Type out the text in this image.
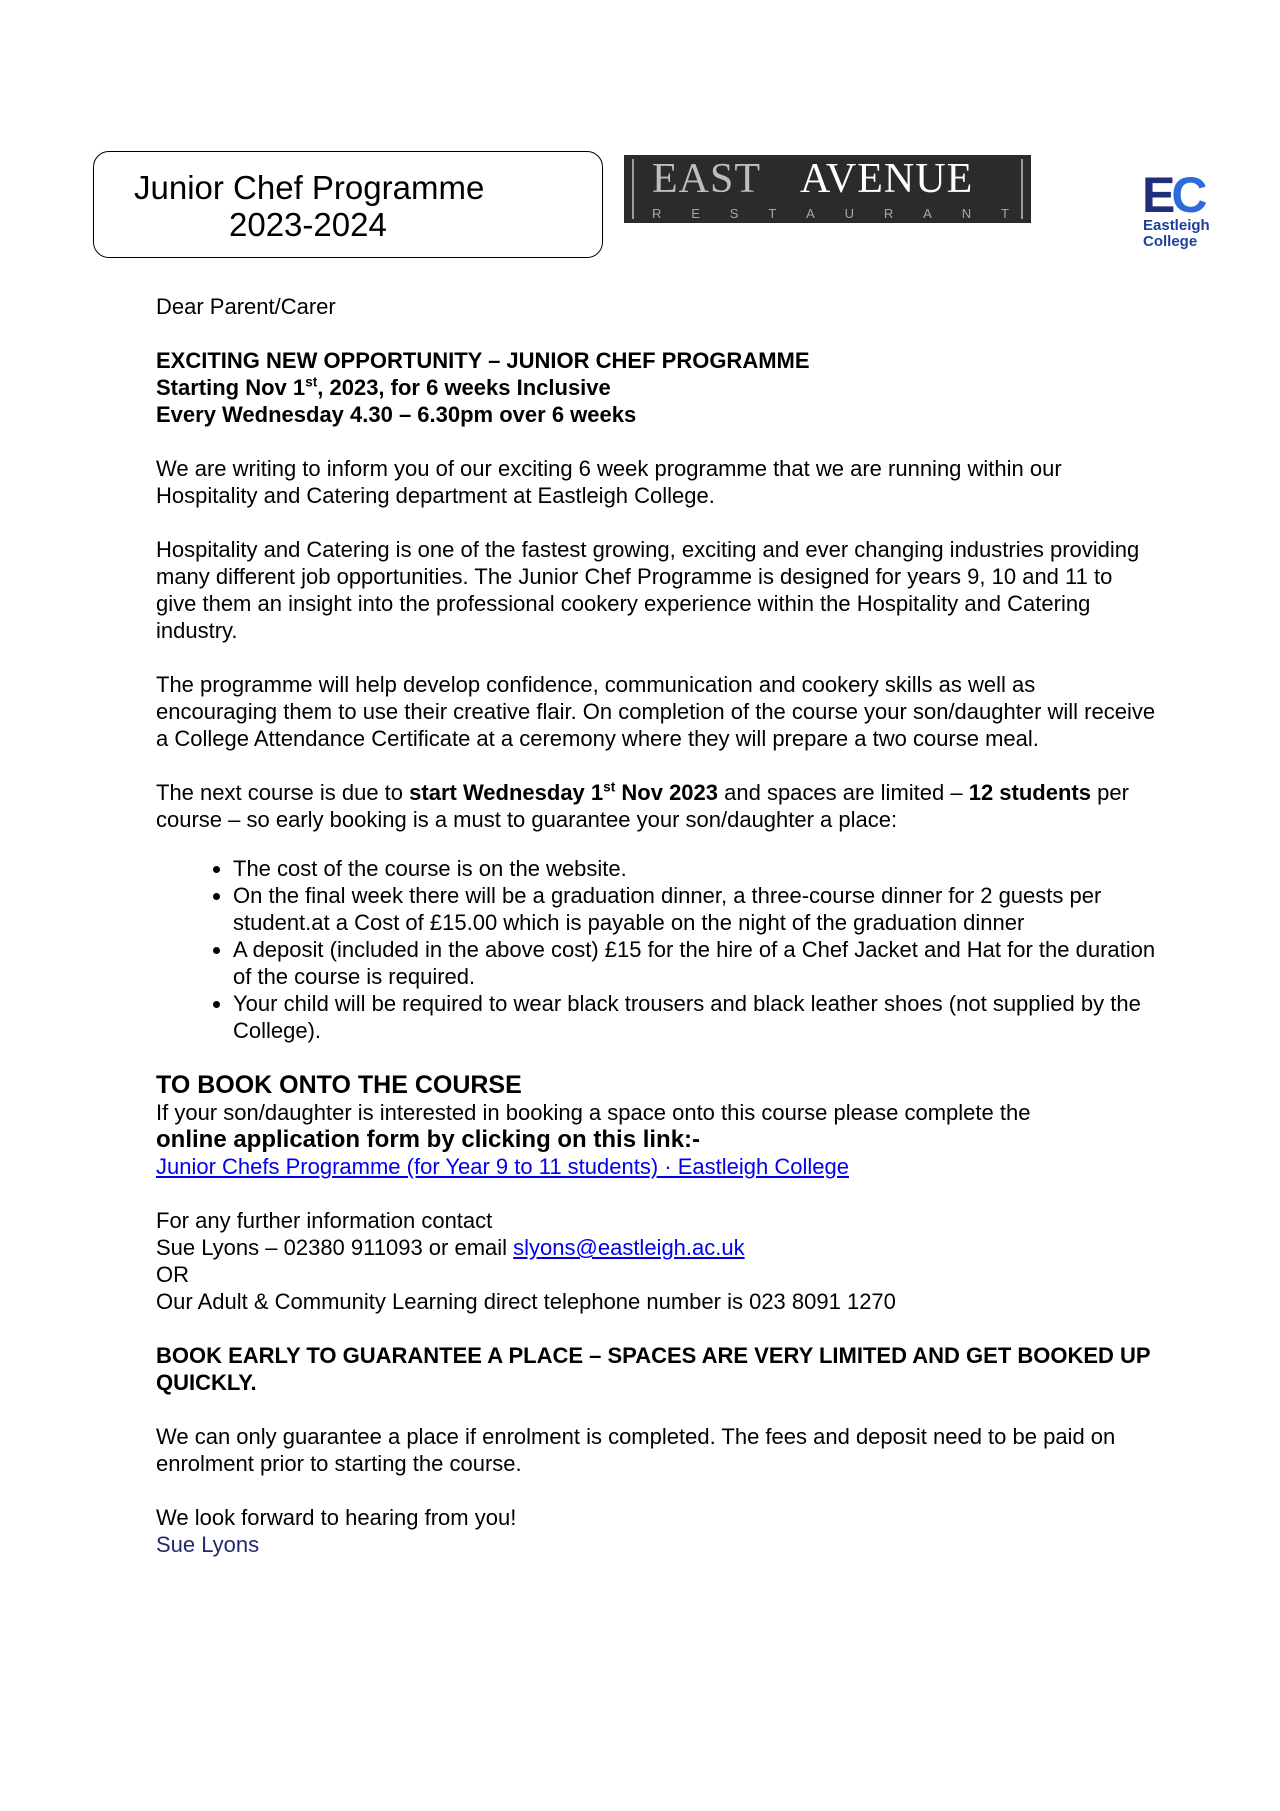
Junior Chef Programme
2023-2024
EAST AVENUE
R E S T A U R A N T	EC
Eastleigh
College

Dear Parent/Carer

EXCITING NEW OPPORTUNITY – JUNIOR CHEF PROGRAMME
Starting Nov 1st, 2023, for 6 weeks Inclusive
Every Wednesday 4.30 – 6.30pm over 6 weeks

We are writing to inform you of our exciting 6 week programme that we are running within our Hospitality and Catering department at Eastleigh College.

Hospitality and Catering is one of the fastest growing, exciting and ever changing industries providing many different job opportunities. The Junior Chef Programme is designed for years 9, 10 and 11 to give them an insight into the professional cookery experience within the Hospitality and Catering industry.

The programme will help develop confidence, communication and cookery skills as well as encouraging them to use their creative flair. On completion of the course your son/daughter will receive a College Attendance Certificate at a ceremony where they will prepare a two course meal.

The next course is due to start Wednesday 1st Nov 2023 and spaces are limited – 12 students per course – so early booking is a must to guarantee your son/daughter a place:

• The cost of the course is on the website.
• On the final week there will be a graduation dinner, a three-course dinner for 2 guests per student.at a Cost of £15.00 which is payable on the night of the graduation dinner
• A deposit (included in the above cost) £15 for the hire of a Chef Jacket and Hat for the duration of the course is required.
• Your child will be required to wear black trousers and black leather shoes (not supplied by the College).
TO BOOK ONTO THE COURSE
If your son/daughter is interested in booking a space onto this course please complete the
online application form by clicking on this link:-

Junior Chefs Programme (for Year 9 to 11 students) · Eastleigh College

For any further information contact
Sue Lyons – 02380 911093 or email slyons@eastleigh.ac.uk
OR
Our Adult & Community Learning direct telephone number is 023 8091 1270

BOOK EARLY TO GUARANTEE A PLACE – SPACES ARE VERY LIMITED AND GET BOOKED UP QUICKLY.

We can only guarantee a place if enrolment is completed. The fees and deposit need to be paid on enrolment prior to starting the course.

We look forward to hearing from you!
Sue Lyons
